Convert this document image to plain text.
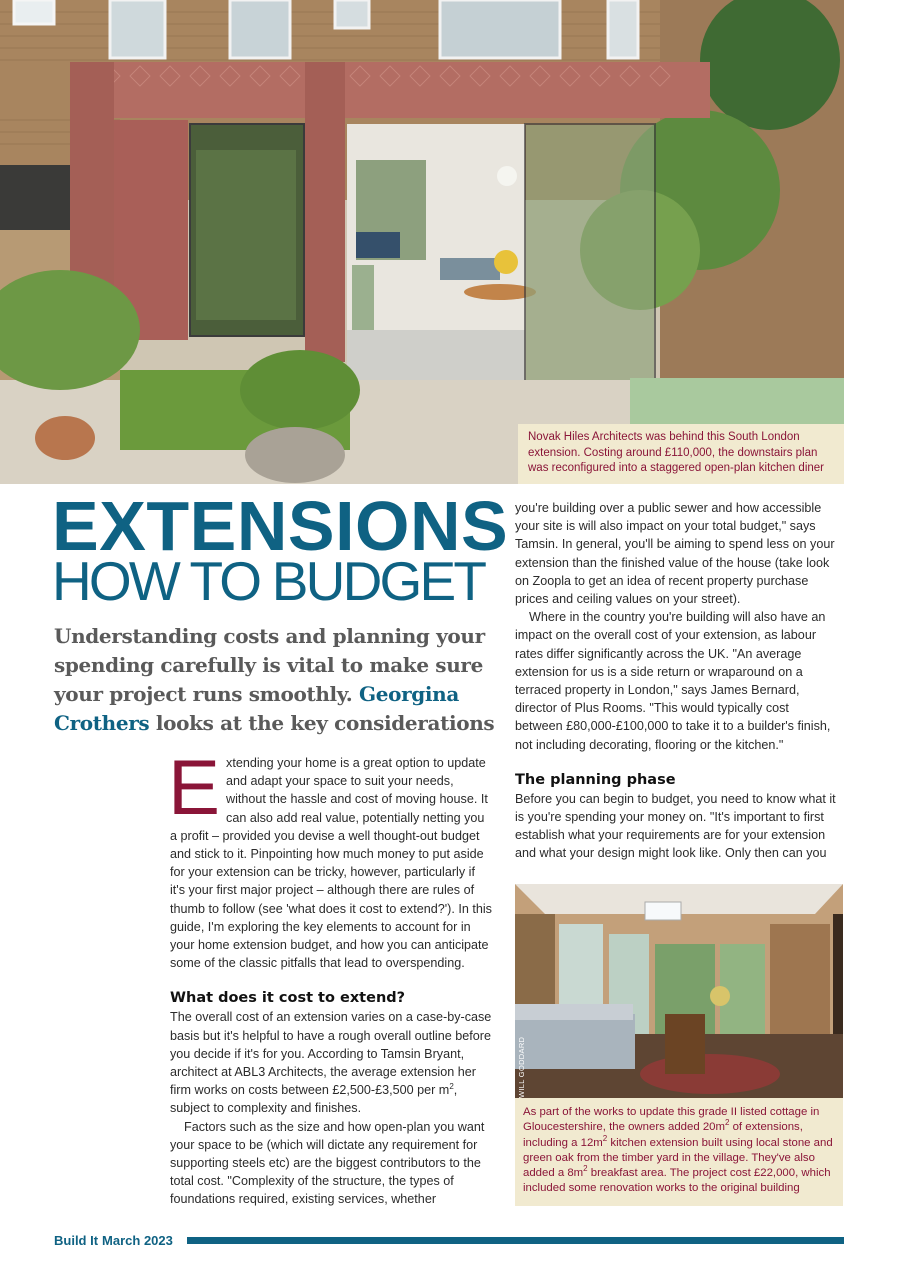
Novak Hiles Architects was behind this South London extension. Costing around £110,000, the downstairs plan was reconfigured into a staggered open-plan kitchen diner
EXTENSIONS
HOW TO BUDGET
Understanding costs and planning your spending carefully is vital to make sure your project runs smoothly. Georgina Crothers looks at the key considerations

Extending your home is a great option to update and adapt your space to suit your needs, without the hassle and cost of moving house. It can also add real value, potentially netting you a profit – provided you devise a well thought-out budget and stick to it. Pinpointing how much money to put aside for your extension can be tricky, however, particularly if it's your first major project – although there are rules of thumb to follow (see 'what does it cost to extend?'). In this guide, I'm exploring the key elements to account for in your home extension budget, and how you can anticipate some of the classic pitfalls that lead to overspending.

What does it cost to extend?

The overall cost of an extension varies on a case-by-case basis but it's helpful to have a rough overall outline before you decide if it's for you. According to Tamsin Bryant, architect at ABL3 Architects, the average extension her firm works on costs between £2,500-£3,500 per $m^2$, subject to complexity and finishes.

Factors such as the size and how open-plan you want your space to be (which will dictate any requirement for supporting steels etc) are the biggest contributors to the total cost. "Complexity of the structure, the types of foundations required, existing services, whether

you're building over a public sewer and how accessible your site is will also impact on your total budget," says Tamsin. In general, you'll be aiming to spend less on your extension than the finished value of the house (take look on Zoopla to get an idea of recent property purchase prices and ceiling values on your street).

Where in the country you're building will also have an impact on the overall cost of your extension, as labour rates differ significantly across the UK. "An average extension for us is a side return or wraparound on a terraced property in London," says James Bernard, director of Plus Rooms. "This would typically cost between £80,000-£100,000 to take it to a builder's finish, not including decorating, flooring or the kitchen."

The planning phase

Before you can begin to budget, you need to know what it is you're spending your money on. "It's important to first establish what your requirements are for your extension and what your design might look like. Only then can you

WILL GODDARD
As part of the works to update this grade II listed cottage in Gloucestershire, the owners added $20m^2$ of extensions, including a $12m^2$ kitchen extension built using local stone and green oak from the timber yard in the village. They've also added a $8m^2$ breakfast area. The project cost £22,000, which included some renovation works to the original building
Build It March 2023
